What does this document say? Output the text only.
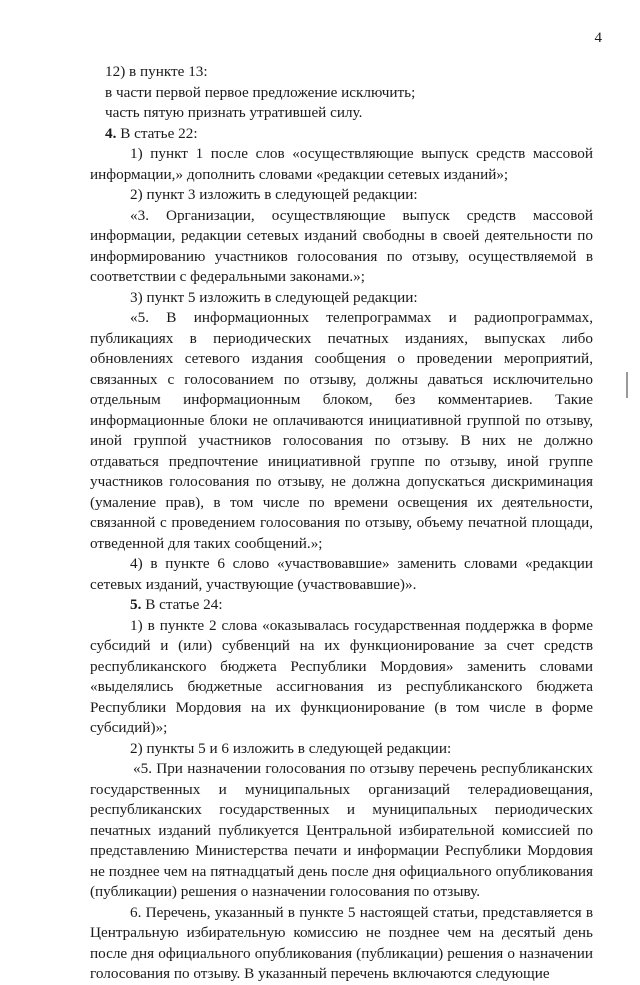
4

12) в пункте 13:

в части первой первое предложение исключить;

часть пятую признать утратившей силу.

4. В статье 22:

1) пункт 1 после слов «осуществляющие выпуск средств массовой информации,» дополнить словами «редакции сетевых изданий»;

2) пункт 3 изложить в следующей редакции:

«3. Организации, осуществляющие выпуск средств массовой информации, редакции сетевых изданий свободны в своей деятельности по информированию участников голосования по отзыву, осуществляемой в соответствии с федеральными законами.»;

3) пункт 5 изложить в следующей редакции:

«5. В информационных телепрограммах и радиопрограммах, публикациях в периодических печатных изданиях, выпусках либо обновлениях сетевого издания сообщения о проведении мероприятий, связанных с голосованием по отзыву, должны даваться исключительно отдельным информационным блоком, без комментариев. Такие информационные блоки не оплачиваются инициативной группой по отзыву, иной группой участников голосования по отзыву. В них не должно отдаваться предпочтение инициативной группе по отзыву, иной группе участников голосования по отзыву, не должна допускаться дискриминация (умаление прав), в том числе по времени освещения их деятельности, связанной с проведением голосования по отзыву, объему печатной площади, отведенной для таких сообщений.»;

4) в пункте 6 слово «участвовавшие» заменить словами «редакции сетевых изданий, участвующие (участвовавшие)».

5. В статье 24:

1) в пункте 2 слова «оказывалась государственная поддержка в форме субсидий и (или) субвенций на их функционирование за счет средств республиканского бюджета Республики Мордовия» заменить словами «выделялись бюджетные ассигнования из республиканского бюджета Республики Мордовия на их функционирование (в том числе в форме субсидий)»;

2) пункты 5 и 6 изложить в следующей редакции:

«5. При назначении голосования по отзыву перечень республиканских государственных и муниципальных организаций телерадиовещания, республиканских государственных и муниципальных периодических печатных изданий публикуется Центральной избирательной комиссией по представлению Министерства печати и информации Республики Мордовия не позднее чем на пятнадцатый день после дня официального опубликования (публикации) решения о назначении голосования по отзыву.

6. Перечень, указанный в пункте 5 настоящей статьи, представляется в Центральную избирательную комиссию не позднее чем на десятый день после дня официального опубликования (публикации) решения о назначении голосования по отзыву. В указанный перечень включаются следующие
